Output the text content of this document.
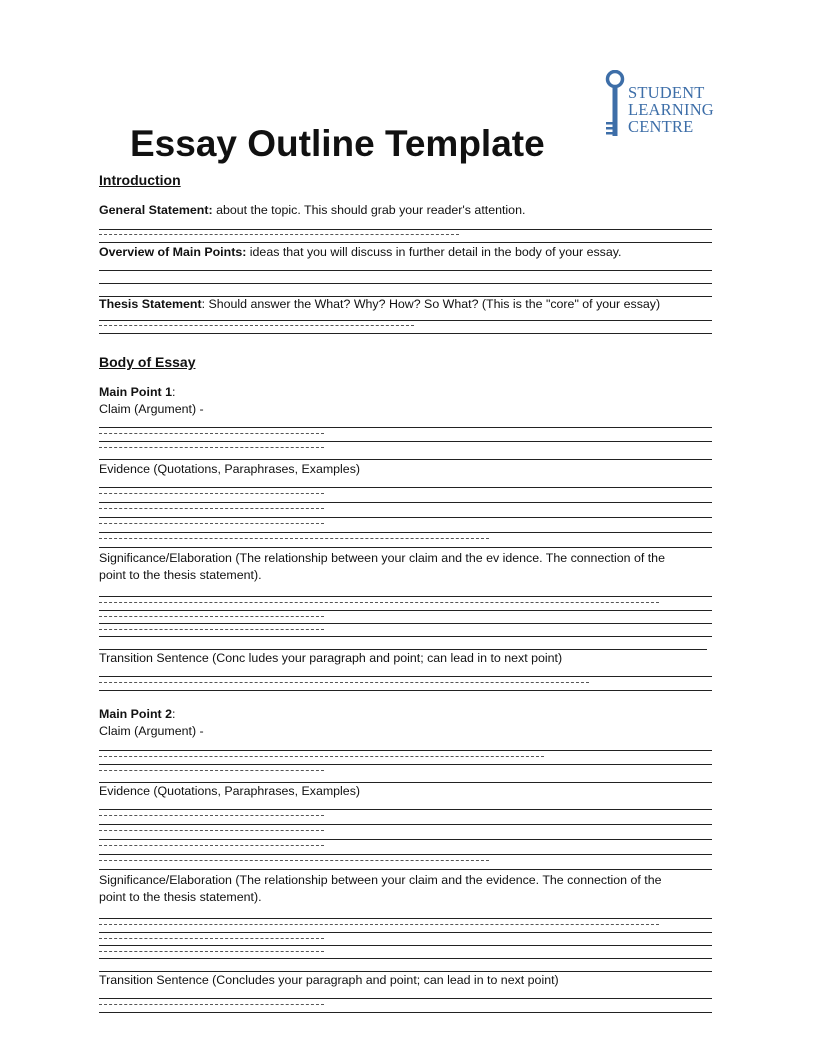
Essay Outline Template
STUDENT
LEARNING
CENTRE
Introduction
General Statement: about the topic. This should grab your reader's attention.
Overview of Main Points: ideas that you will discuss in further detail in the body of your essay.
Thesis Statement: Should answer the What? Why? How? So What? (This is the "core" of your essay)
Body of Essay
Main Point 1:
Claim (Argument) -
Evidence (Quotations, Paraphrases, Examples)
Significance/Elaboration (The relationship between your claim and the ev idence. The connection of the
point to the thesis statement).
Transition Sentence (Conc ludes your paragraph and point; can lead in to next point)
Main Point 2:
Claim (Argument) -
Evidence (Quotations, Paraphrases, Examples)
Significance/Elaboration (The relationship between your claim and the evidence. The connection of the
point to the thesis statement).
Transition Sentence (Concludes your paragraph and point; can lead in to next point)
